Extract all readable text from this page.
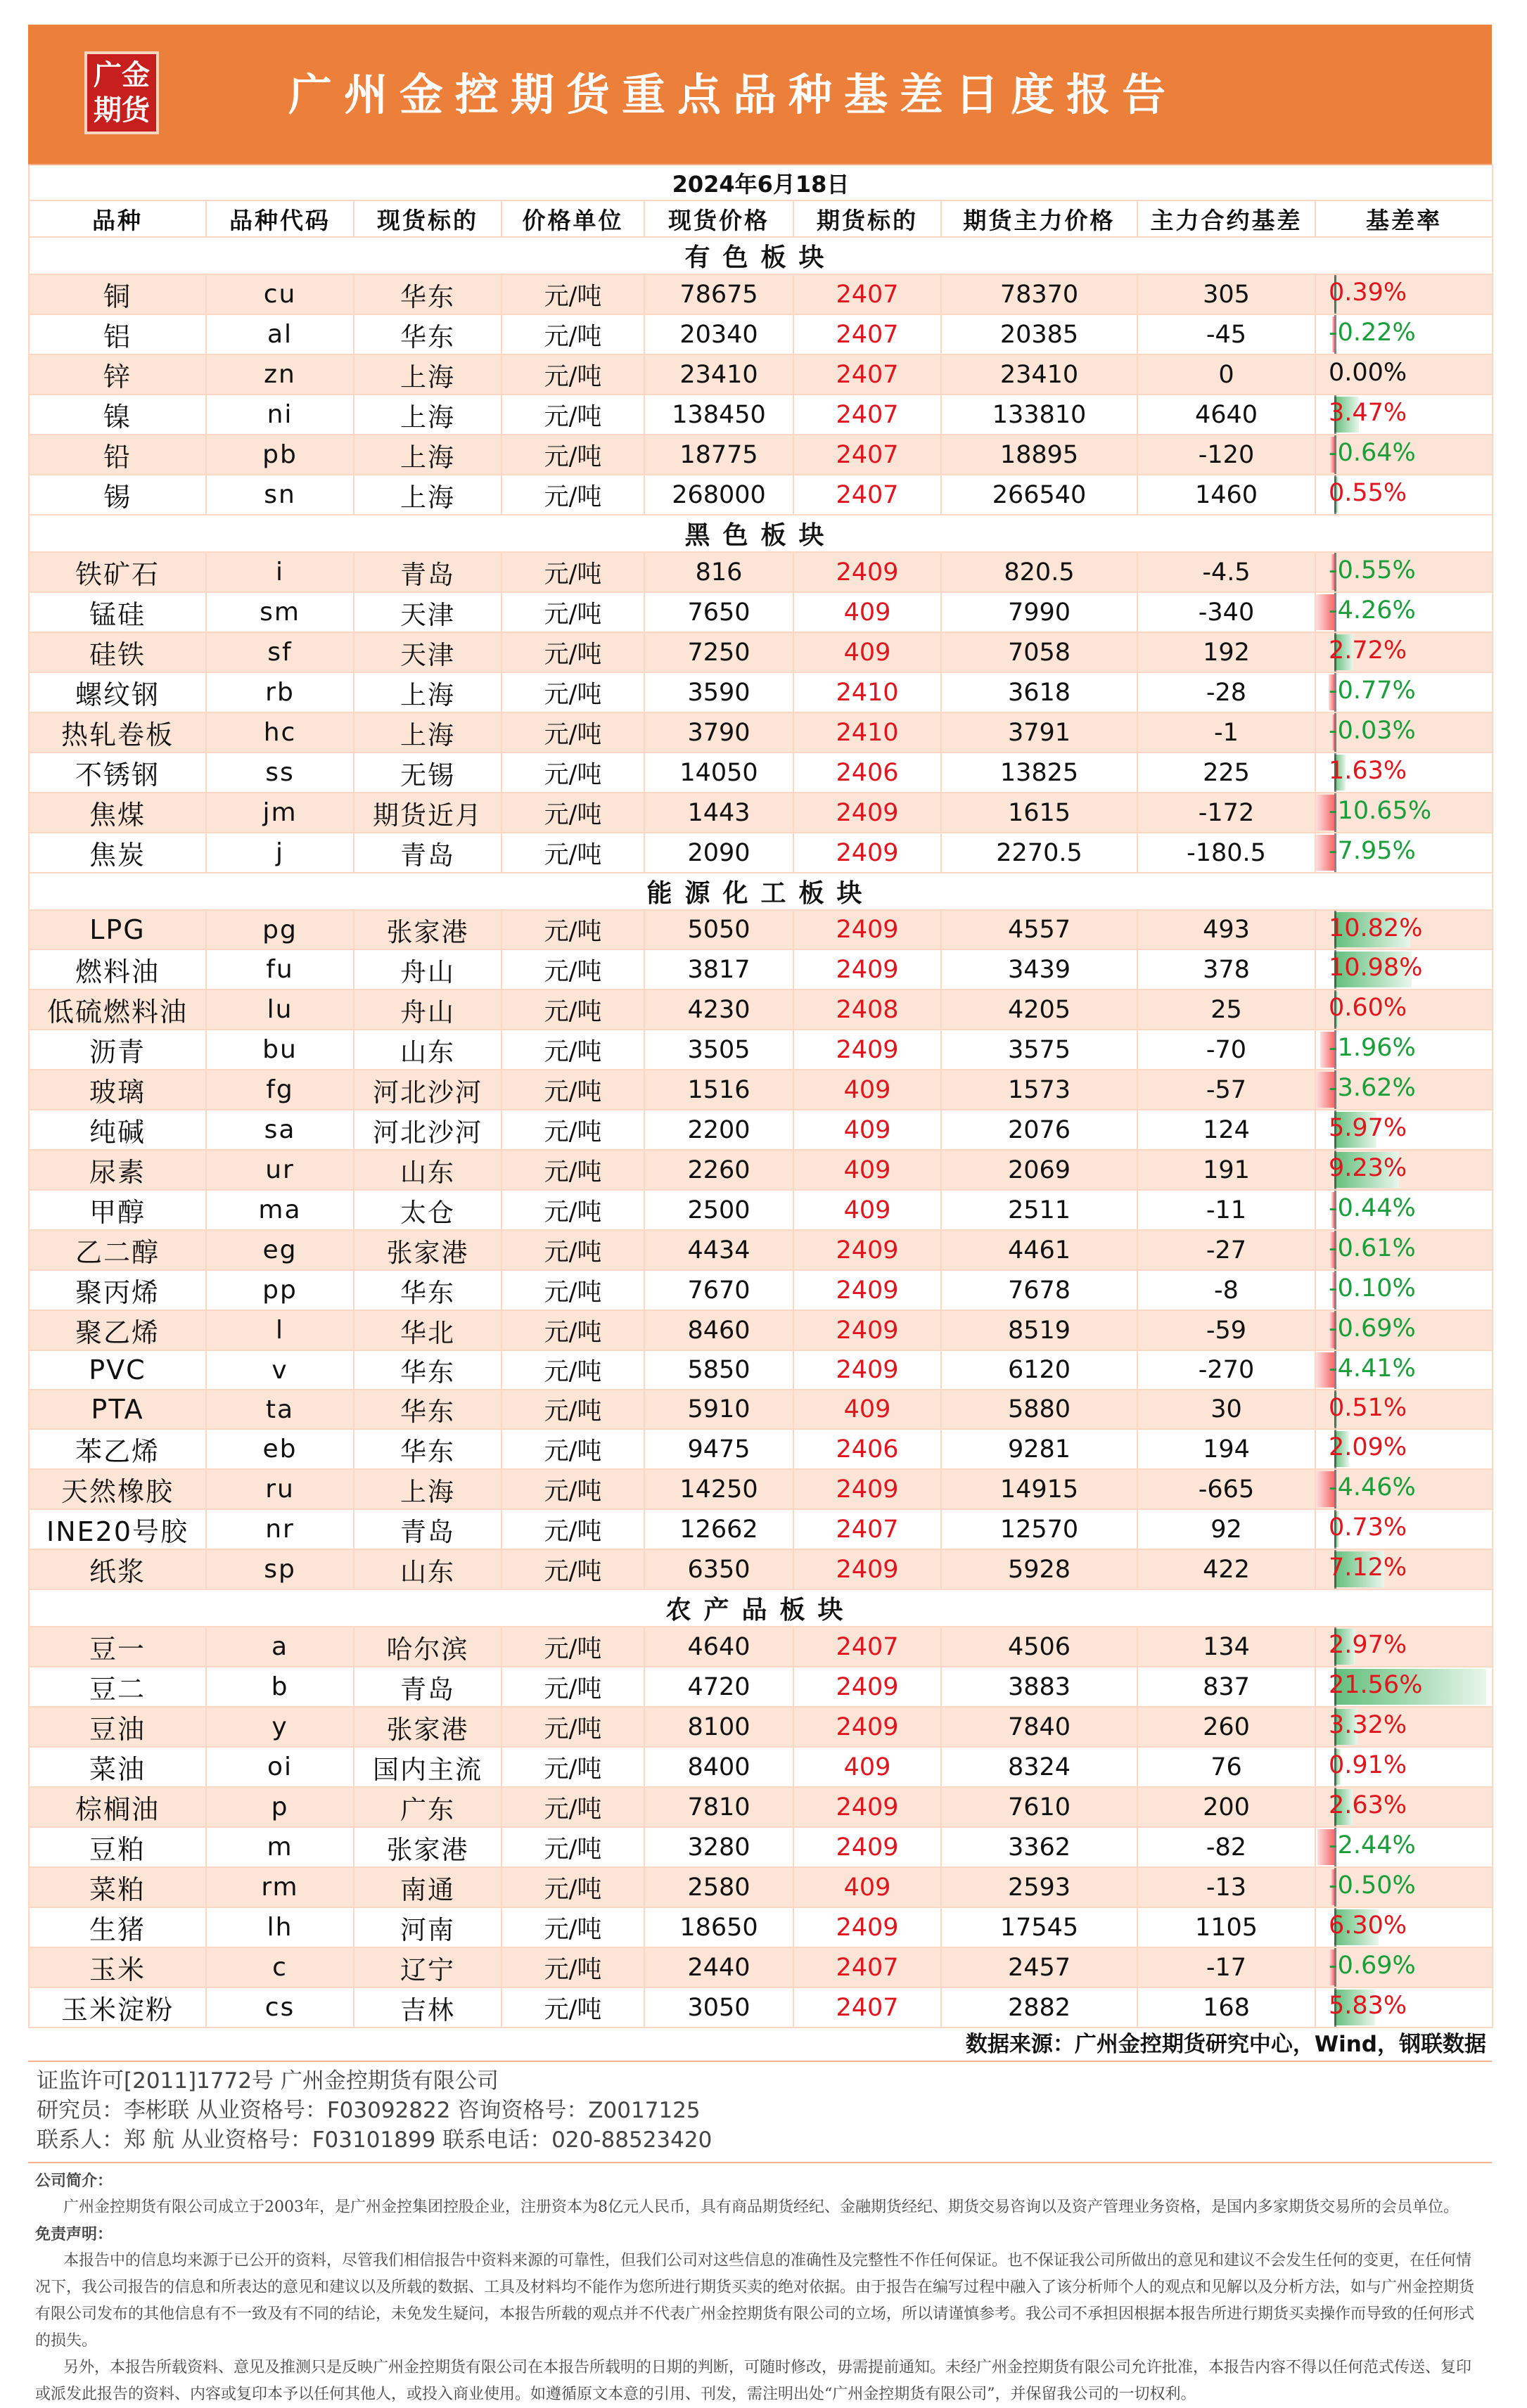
广金
期货	广州金控期货重点品种基差日度报告
2024年6月18日								
品种	品种代码	现货标的	价格单位	现货价格	期货标的	期货主力价格	主力合约基差	基差率
有色板块								
铜	cu	华东	元/吨	78675	2407	78370	305	0.39%

铝	al	华东	元/吨	20340	2407	20385	-45	-0.22%

锌	zn	上海	元/吨	23410	2407	23410	0	0.00%

镍	ni	上海	元/吨	138450	2407	133810	4640	3.47%

铅	pb	上海	元/吨	18775	2407	18895	-120	-0.64%

锡	sn	上海	元/吨	268000	2407	266540	1460	0.55%

黑色板块								
铁矿石	i	青岛	元/吨	816	2409	820.5	-4.5	-0.55%

锰硅	sm	天津	元/吨	7650	409	7990	-340	-4.26%

硅铁	sf	天津	元/吨	7250	409	7058	192	2.72%

螺纹钢	rb	上海	元/吨	3590	2410	3618	-28	-0.77%

热轧卷板	hc	上海	元/吨	3790	2410	3791	-1	-0.03%

不锈钢	ss	无锡	元/吨	14050	2406	13825	225	1.63%

焦煤	jm	期货近月	元/吨	1443	2409	1615	-172	-10.65%

焦炭	j	青岛	元/吨	2090	2409	2270.5	-180.5	-7.95%

能源化工板块								
LPG	pg	张家港	元/吨	5050	2409	4557	493	10.82%

燃料油	fu	舟山	元/吨	3817	2409	3439	378	10.98%

低硫燃料油	lu	舟山	元/吨	4230	2408	4205	25	0.60%

沥青	bu	山东	元/吨	3505	2409	3575	-70	-1.96%

玻璃	fg	河北沙河	元/吨	1516	409	1573	-57	-3.62%

纯碱	sa	河北沙河	元/吨	2200	409	2076	124	5.97%

尿素	ur	山东	元/吨	2260	409	2069	191	9.23%

甲醇	ma	太仓	元/吨	2500	409	2511	-11	-0.44%

乙二醇	eg	张家港	元/吨	4434	2409	4461	-27	-0.61%

聚丙烯	pp	华东	元/吨	7670	2409	7678	-8	-0.10%

聚乙烯	l	华北	元/吨	8460	2409	8519	-59	-0.69%

PVC	v	华东	元/吨	5850	2409	6120	-270	-4.41%

PTA	ta	华东	元/吨	5910	409	5880	30	0.51%

苯乙烯	eb	华东	元/吨	9475	2406	9281	194	2.09%

天然橡胶	ru	上海	元/吨	14250	2409	14915	-665	-4.46%

INE20号胶	nr	青岛	元/吨	12662	2407	12570	92	0.73%

纸浆	sp	山东	元/吨	6350	2409	5928	422	7.12%

农产品板块								
豆一	a	哈尔滨	元/吨	4640	2407	4506	134	2.97%

豆二	b	青岛	元/吨	4720	2409	3883	837	21.56%

豆油	y	张家港	元/吨	8100	2409	7840	260	3.32%

菜油	oi	国内主流	元/吨	8400	409	8324	76	0.91%

棕榈油	p	广东	元/吨	7810	2409	7610	200	2.63%

豆粕	m	张家港	元/吨	3280	2409	3362	-82	-2.44%

菜粕	rm	南通	元/吨	2580	409	2593	-13	-0.50%

生猪	lh	河南	元/吨	18650	2409	17545	1105	6.30%

玉米	c	辽宁	元/吨	2440	2407	2457	-17	-0.69%

玉米淀粉	cs	吉林	元/吨	3050	2407	2882	168	5.83%
数据来源：广州金控期货研究中心，Wind，钢联数据
证监许可[2011]1772号 广州金控期货有限公司
研究员：李彬联 从业资格号：F03092822 咨询资格号：Z0017125
联系人：郑 航 从业资格号：F03101899 联系电话：020-88523420
公司简介：

广州金控期货有限公司成立于2003年，是广州金控集团控股企业，注册资本为8亿元人民币，具有商品期货经纪、金融期货经纪、期货交易咨询以及资产管理业务资格，是国内多家期货交易所的会员单位。

免责声明：

本报告中的信息均来源于已公开的资料，尽管我们相信报告中资料来源的可靠性，但我们公司对这些信息的准确性及完整性不作任何保证。也不保证我公司所做出的意见和建议不会发生任何的变更，在任何情况下，我公司报告的信息和所表达的意见和建议以及所载的数据、工具及材料均不能作为您所进行期货买卖的绝对依据。由于报告在编写过程中融入了该分析师个人的观点和见解以及分析方法，如与广州金控期货有限公司发布的其他信息有不一致及有不同的结论，未免发生疑问，本报告所载的观点并不代表广州金控期货有限公司的立场，所以请谨慎参考。我公司不承担因根据本报告所进行期货买卖操作而导致的任何形式的损失。

另外，本报告所载资料、意见及推测只是反映广州金控期货有限公司在本报告所载明的日期的判断，可随时修改，毋需提前通知。未经广州金控期货有限公司允许批准，本报告内容不得以任何范式传送、复印或派发此报告的资料、内容或复印本予以任何其他人，或投入商业使用。如遵循原文本意的引用、刊发，需注明出处“广州金控期货有限公司”，并保留我公司的一切权利。
